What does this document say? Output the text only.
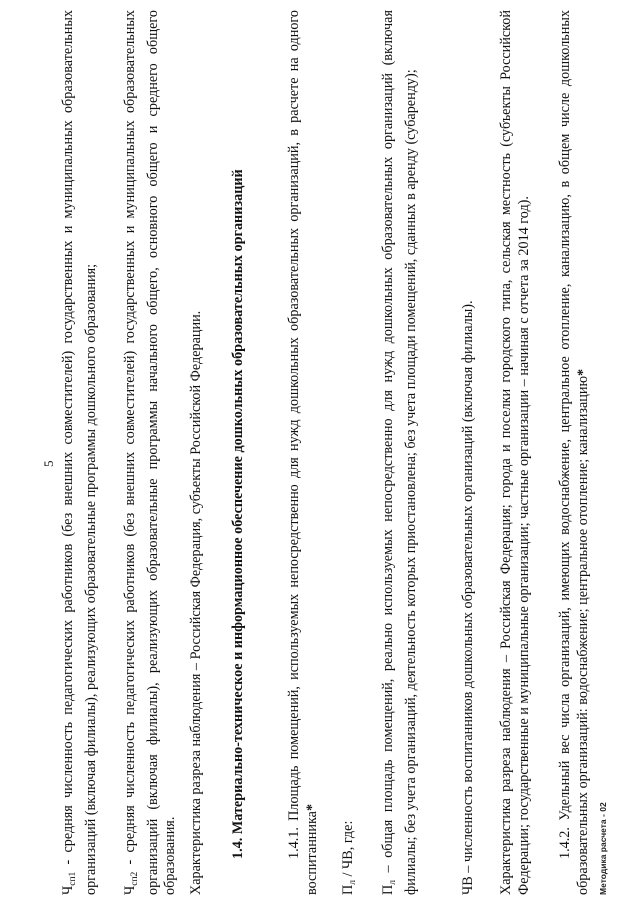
5

$Ч_{сп1}$ - средняя численность педагогических работников (без внешних совместителей) государственных и муниципальных образовательных организаций (включая филиалы), реализующих образовательные программы дошкольного образования; $Ч_{сп2}$ - средняя численность педагогических работников (без внешних совместителей) государственных и муниципальных образовательных организаций (включая филиалы), реализующих образовательные программы начального общего, основного общего и среднего общего образования. Характеристика разреза наблюдения – Российская Федерация, субъекты Российской Федерации. 1.4. Материально-техническое и информационное обеспечение дошкольных образовательных организаций	1.4.1. Площадь помещений, используемых непосредственно для нужд дошкольных образовательных организаций, в расчете на одного воспитанника*

$П_л$ / ЧВ, где:

$П_л$ – общая площадь помещений, реально используемых непосредственно для нужд дошкольных образовательных организаций (включая филиалы; без учета организаций, деятельность которых приостановлена; без учета площади помещений, сданных в аренду (субаренду);	ЧВ – численность воспитанников дошкольных образовательных организаций (включая филиалы). Характеристика разреза наблюдения – Российская Федерация; города и поселки городского типа, сельская местность (субъекты Российской Федерации; государственные и муниципальные организации; частные организации – начиная с отчета за 2014 год). 1.4.2. Удельный вес числа организаций, имеющих водоснабжение, центральное отопление, канализацию, в общем числе дошкольных образовательных организаций: водоснабжение; центральное отопление; канализацию*

Методика расчета - 02
